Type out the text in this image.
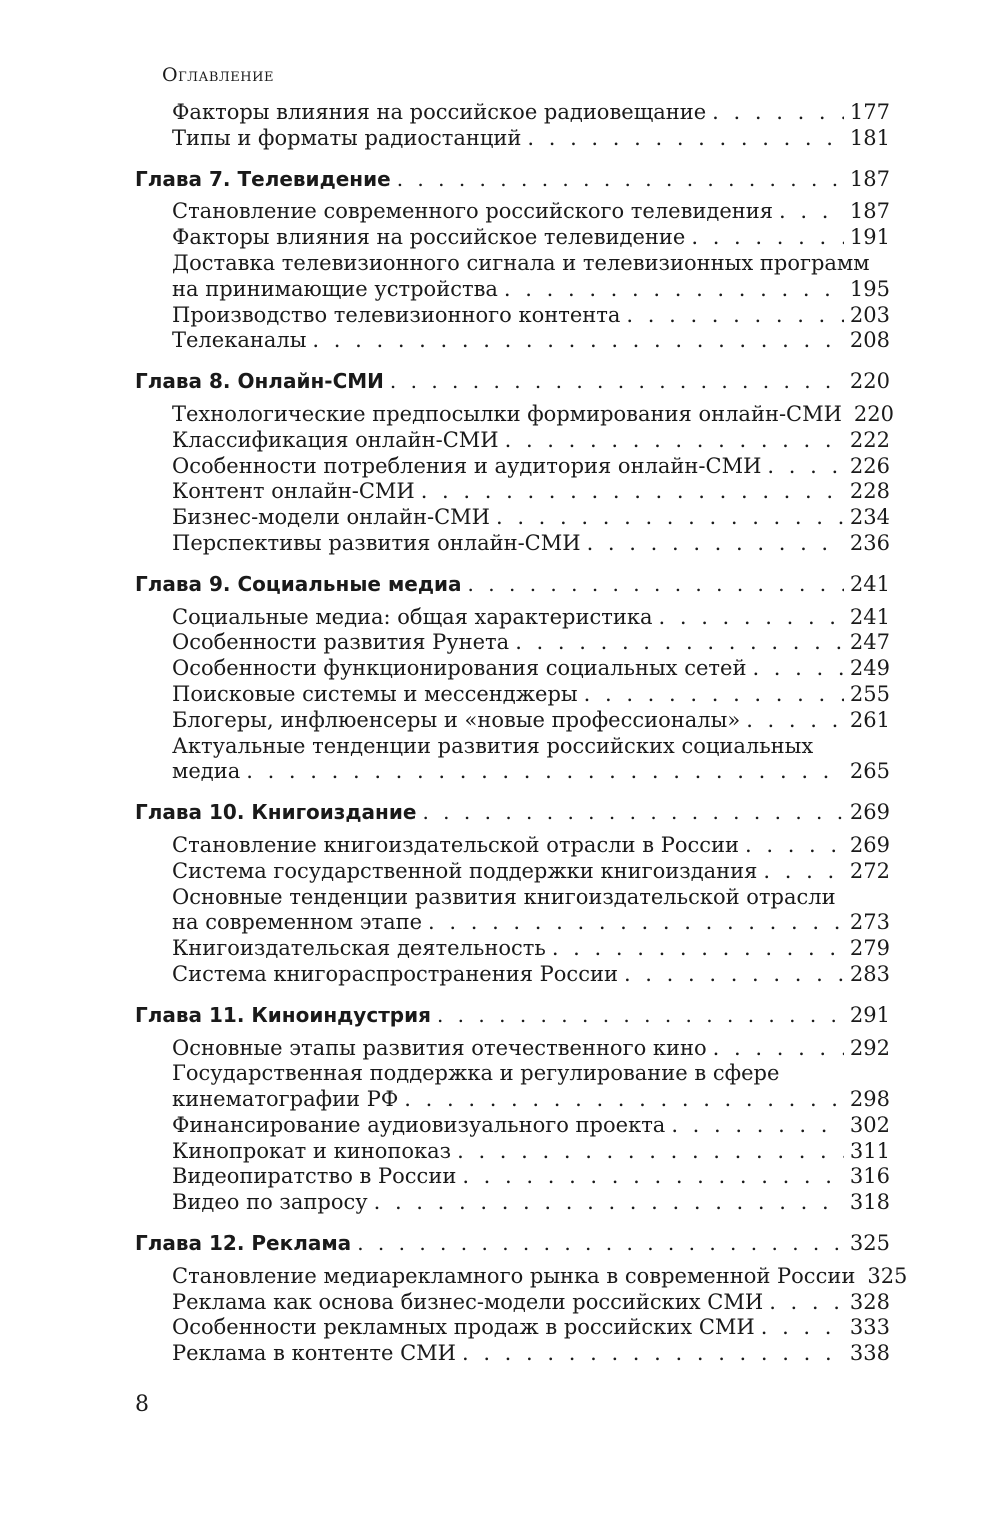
Оглавление
Факторы влияния на российское радиовещание . . .	177
Типы и форматы радиостанций . . .	181
Глава 7. Телевидение . . .	187
Становление современного российского телевидения . . .	187
Факторы влияния на российское телевидение . . .	191
Доставка телевизионного сигнала и телевизионных программ
на принимающие устройства . . .	195
Производство телевизионного контента . . .	203
Телеканалы . . .	208
Глава 8. Онлайн-СМИ . . .	220
Технологические предпосылки формирования онлайн-СМИ 220
Классификация онлайн-СМИ . . .	222
Особенности потребления и аудитория онлайн-СМИ . . .	226
Контент онлайн-СМИ . . .	228
Бизнес-модели онлайн-СМИ . . .	234
Перспективы развития онлайн-СМИ . . .	236
Глава 9. Социальные медиа . . .	241
Социальные медиа: общая характеристика . . .	241
Особенности развития Рунета . . .	247
Особенности функционирования социальных сетей . . .	249
Поисковые системы и мессенджеры . . .	255
Блогеры, инфлюенсеры и «новые профессионалы» . . .	261
Актуальные тенденции развития российских социальных
медиа . . .	265
Глава 10. Книгоиздание . . .	269
Становление книгоиздательской отрасли в России . . .	269
Система государственной поддержки книгоиздания . . .	272
Основные тенденции развития книгоиздательской отрасли
на современном этапе . . .	273
Книгоиздательская деятельность . . .	279
Система книгораспространения России . . .	283
Глава 11. Киноиндустрия . . .	291
Основные этапы развития отечественного кино . . .	292
Государственная поддержка и регулирование в сфере
кинематографии РФ . . .	298
Финансирование аудиовизуального проекта . . .	302
Кинопрокат и кинопоказ . . .	311
Видеопиратство в России . . .	316
Видео по запросу . . .	318
Глава 12. Реклама . . .	325
Становление медиарекламного рынка в современной России 325
Реклама как основа бизнес-модели российских СМИ . . .	328
Особенности рекламных продаж в российских СМИ . . .	333
Реклама в контенте СМИ . . .	338
8
